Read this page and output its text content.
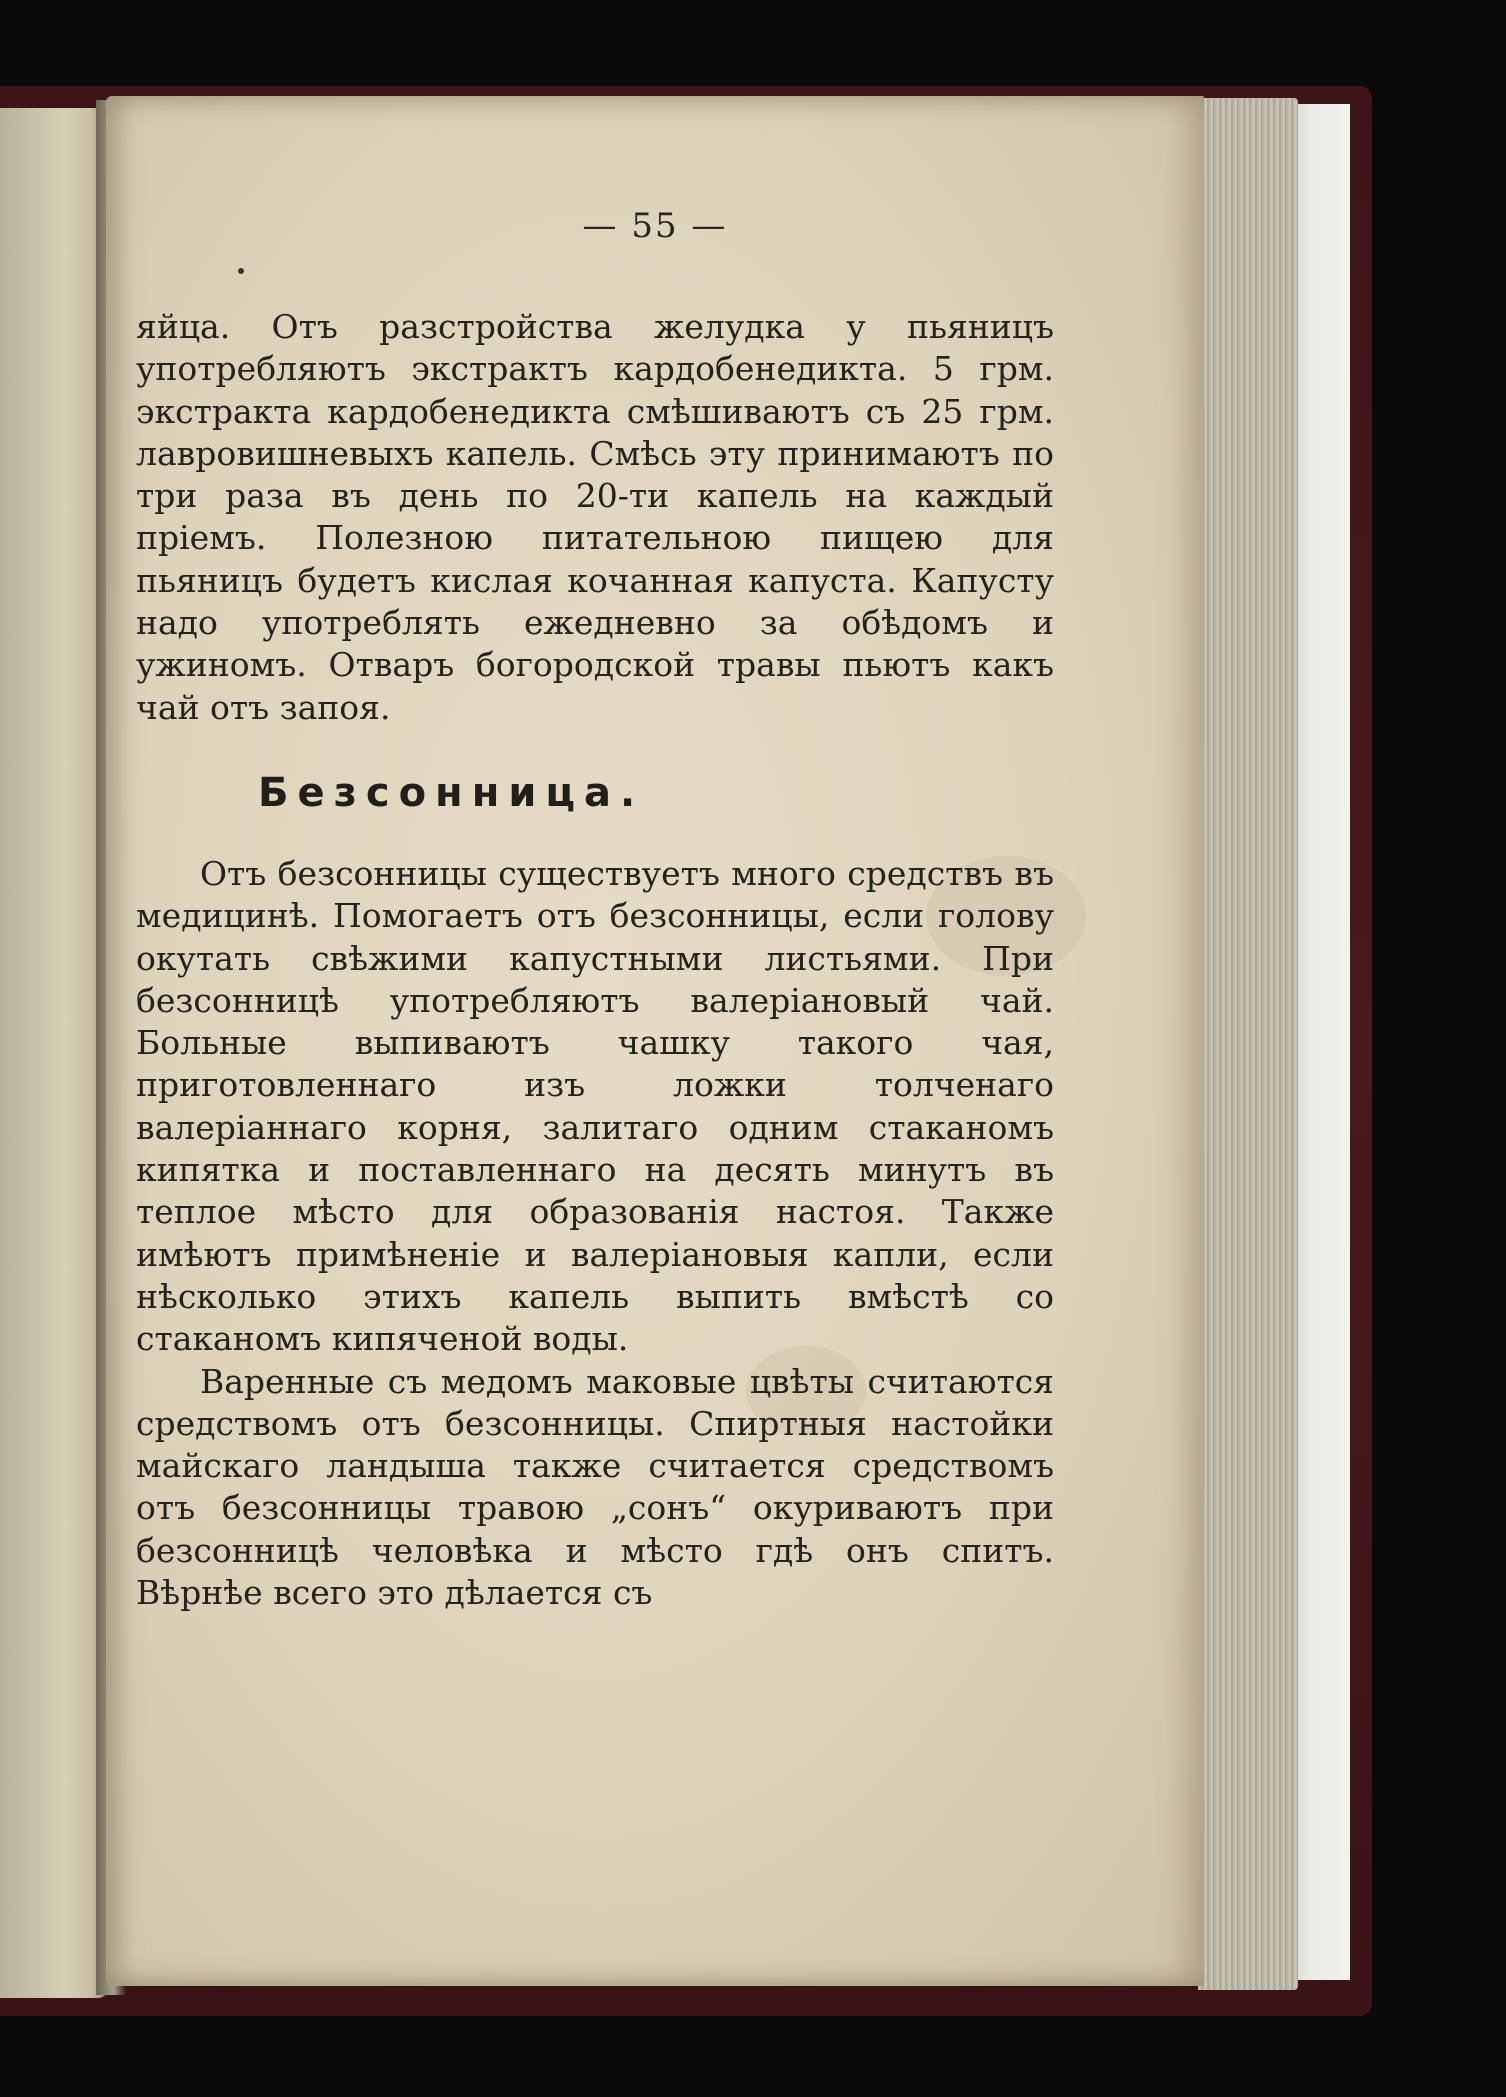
— 55 —

яйца. Отъ разстройства желудка у пьяницъ употребляютъ экстрактъ кардобенедикта. 5 грм. экстракта кардобенедикта смѣшиваютъ съ 25 грм. лавровишневыхъ капель. Смѣсь эту принимаютъ по три раза въ день по 20-ти капель на каждый пріемъ. Полезною питательною пищею для пьяницъ будетъ кислая кочанная капуста. Капусту надо употреблять ежедневно за обѣдомъ и ужиномъ. Отваръ богородской травы пьютъ какъ чай отъ запоя.

Безсонница.

Отъ безсонницы существуетъ много средствъ въ медицинѣ. Помогаетъ отъ безсонницы, если голову окутать свѣжими капустными листьями. При безсонницѣ употребляютъ валеріановый чай. Больные выпиваютъ чашку такого чая, приготовленнаго изъ ложки толченаго валеріаннаго корня, залитаго одним стаканомъ кипятка и поставленнаго на десять минутъ въ теплое мѣсто для образованія настоя. Также имѣютъ примѣненіе и валеріановыя капли, если нѣсколько этихъ капель выпить вмѣстѣ со стаканомъ кипяченой воды.

Варенные съ медомъ маковые цвѣты считаются средствомъ отъ безсонницы. Спиртныя настойки майскаго ландыша также считается средствомъ отъ безсонницы травою „сонъ“ окуриваютъ при безсонницѣ человѣка и мѣсто гдѣ онъ спитъ. Вѣрнѣе всего это дѣлается съ
